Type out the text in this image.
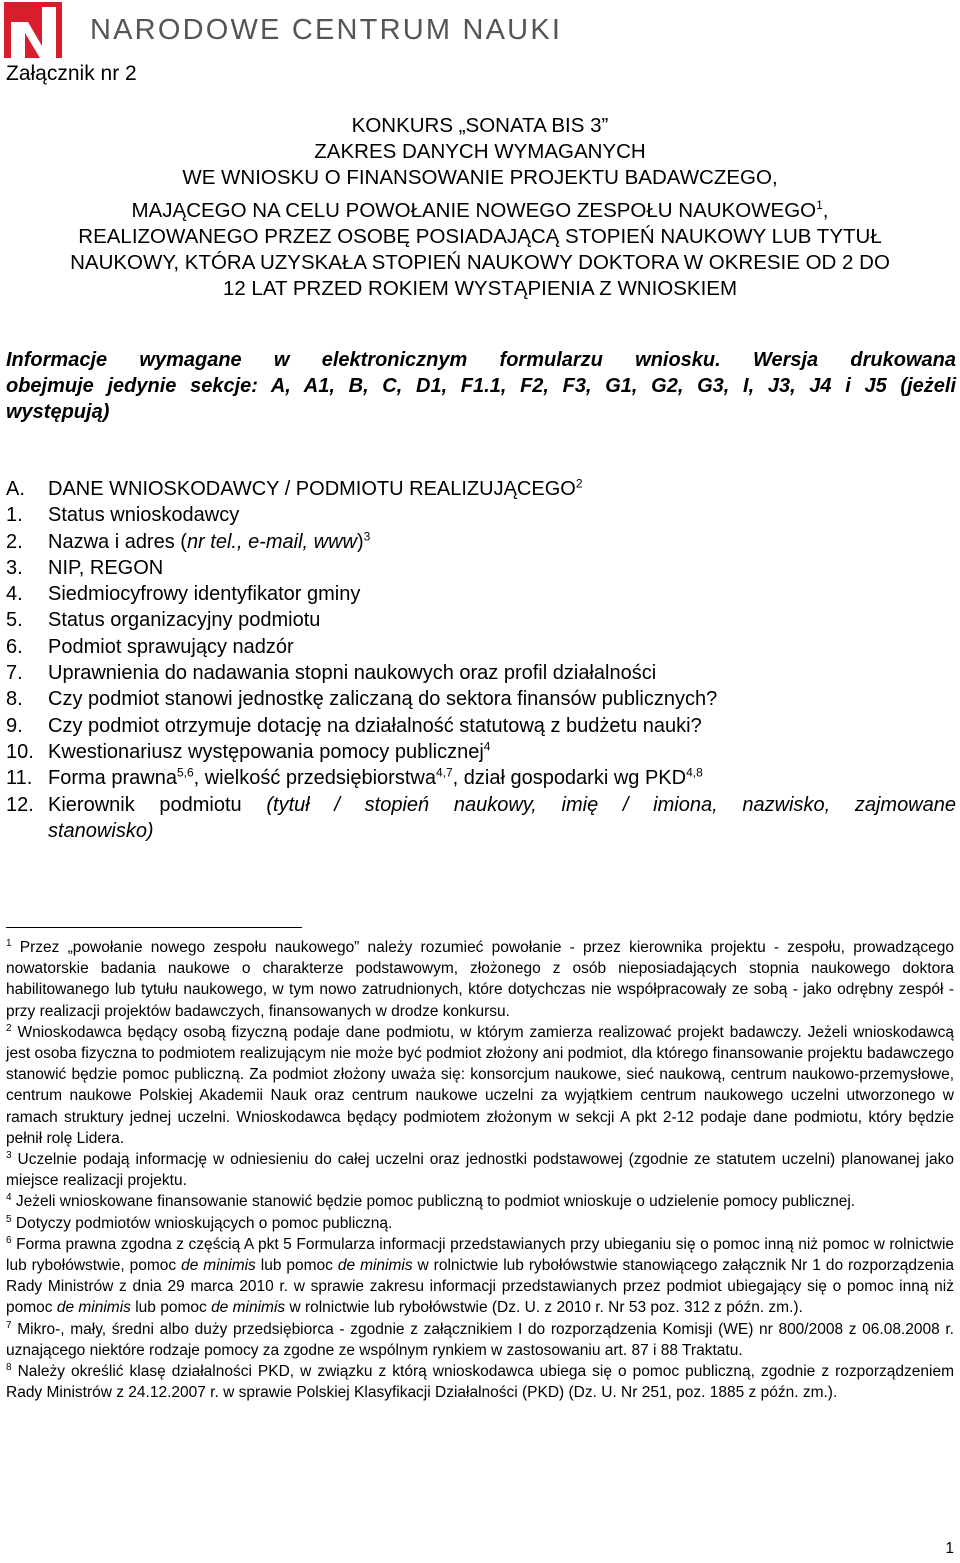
NARODOWE CENTRUM NAUKI
Załącznik nr 2
KONKURS „SONATA BIS 3”
ZAKRES DANYCH WYMAGANYCH
WE WNIOSKU O FINANSOWANIE PROJEKTU BADAWCZEGO,
MAJĄCEGO NA CELU POWOŁANIE NOWEGO ZESPOŁU NAUKOWEGO$^1$,
REALIZOWANEGO PRZEZ OSOBĘ POSIADAJĄCĄ STOPIEŃ NAUKOWY LUB TYTUŁ
NAUKOWY, KTÓRA UZYSKAŁA STOPIEŃ NAUKOWY DOKTORA W OKRESIE OD 2 DO
12 LAT PRZED ROKIEM WYSTĄPIENIA Z WNIOSKIEM
Informacje wymagane w elektronicznym formularzu wniosku. Wersja drukowana
obejmuje jedynie sekcje: A, A1, B, C, D1, F1.1, F2, F3, G1, G2, G3, I, J3, J4 i J5 (jeżeli
występują)
A.	DANE WNIOSKODAWCY / PODMIOTU REALIZUJĄCEGO$^2$
1.	Status wnioskodawcy
2.	Nazwa i adres (nr tel., e-mail, www)$^3$
3.	NIP, REGON
4.	Siedmiocyfrowy identyfikator gminy
5.	Status organizacyjny podmiotu
6.	Podmiot sprawujący nadzór
7.	Uprawnienia do nadawania stopni naukowych oraz profil działalności
8.	Czy podmiot stanowi jednostkę zaliczaną do sektora finansów publicznych?
9.	Czy podmiot otrzymuje dotację na działalność statutową z budżetu nauki?
10. Kwestionariusz występowania pomocy publicznej$^4$
11. Forma prawna$^{5,6}$, wielkość przedsiębiorstwa$^{4,7}$, dział gospodarki wg PKD$^{4,8}$
12. Kierownik podmiotu (tytuł / stopień naukowy, imię / imiona, nazwisko, zajmowane
stanowisko)

$^1$ Przez „powołanie nowego zespołu naukowego” należy rozumieć powołanie - przez kierownika projektu - zespołu, prowadzącego nowatorskie badania naukowe o charakterze podstawowym, złożonego z osób nieposiadających stopnia naukowego doktora habilitowanego lub tytułu naukowego, w tym nowo zatrudnionych, które dotychczas nie współpracowały ze sobą - jako odrębny zespół - przy realizacji projektów badawczych, finansowanych w drodze konkursu.

$^2$ Wnioskodawca będący osobą fizyczną podaje dane podmiotu, w którym zamierza realizować projekt badawczy. Jeżeli wnioskodawcą jest osoba fizyczna to podmiotem realizującym nie może być podmiot złożony ani podmiot, dla którego finansowanie projektu badawczego stanowić będzie pomoc publiczną. Za podmiot złożony uważa się: konsorcjum naukowe, sieć naukową, centrum naukowo-przemysłowe, centrum naukowe Polskiej Akademii Nauk oraz centrum naukowe uczelni za wyjątkiem centrum naukowego uczelni utworzonego w ramach struktury jednej uczelni. Wnioskodawca będący podmiotem złożonym w sekcji A pkt 2-12 podaje dane podmiotu, który będzie pełnił rolę Lidera.

$^3$ Uczelnie podają informację w odniesieniu do całej uczelni oraz jednostki podstawowej (zgodnie ze statutem uczelni) planowanej jako miejsce realizacji projektu.

$^4$ Jeżeli wnioskowane finansowanie stanowić będzie pomoc publiczną to podmiot wnioskuje o udzielenie pomocy publicznej.

$^5$ Dotyczy podmiotów wnioskujących o pomoc publiczną.

$^6$ Forma prawna zgodna z częścią A pkt 5 Formularza informacji przedstawianych przy ubieganiu się o pomoc inną niż pomoc w rolnictwie lub rybołówstwie, pomoc de minimis lub pomoc de minimis w rolnictwie lub rybołówstwie stanowiącego załącznik Nr 1 do rozporządzenia Rady Ministrów z dnia 29 marca 2010 r. w sprawie zakresu informacji przedstawianych przez podmiot ubiegający się o pomoc inną niż pomoc de minimis lub pomoc de minimis w rolnictwie lub rybołówstwie (Dz. U. z 2010 r. Nr 53 poz. 312 z późn. zm.).

$^7$ Mikro-, mały, średni albo duży przedsiębiorca - zgodnie z załącznikiem I do rozporządzenia Komisji (WE) nr 800/2008 z 06.08.2008 r. uznającego niektóre rodzaje pomocy za zgodne ze wspólnym rynkiem w zastosowaniu art. 87 i 88 Traktatu.

$^8$ Należy określić klasę działalności PKD, w związku z którą wnioskodawca ubiega się o pomoc publiczną, zgodnie z rozporządzeniem Rady Ministrów z 24.12.2007 r. w sprawie Polskiej Klasyfikacji Działalności (PKD) (Dz. U. Nr 251, poz. 1885 z późn. zm.).

1
